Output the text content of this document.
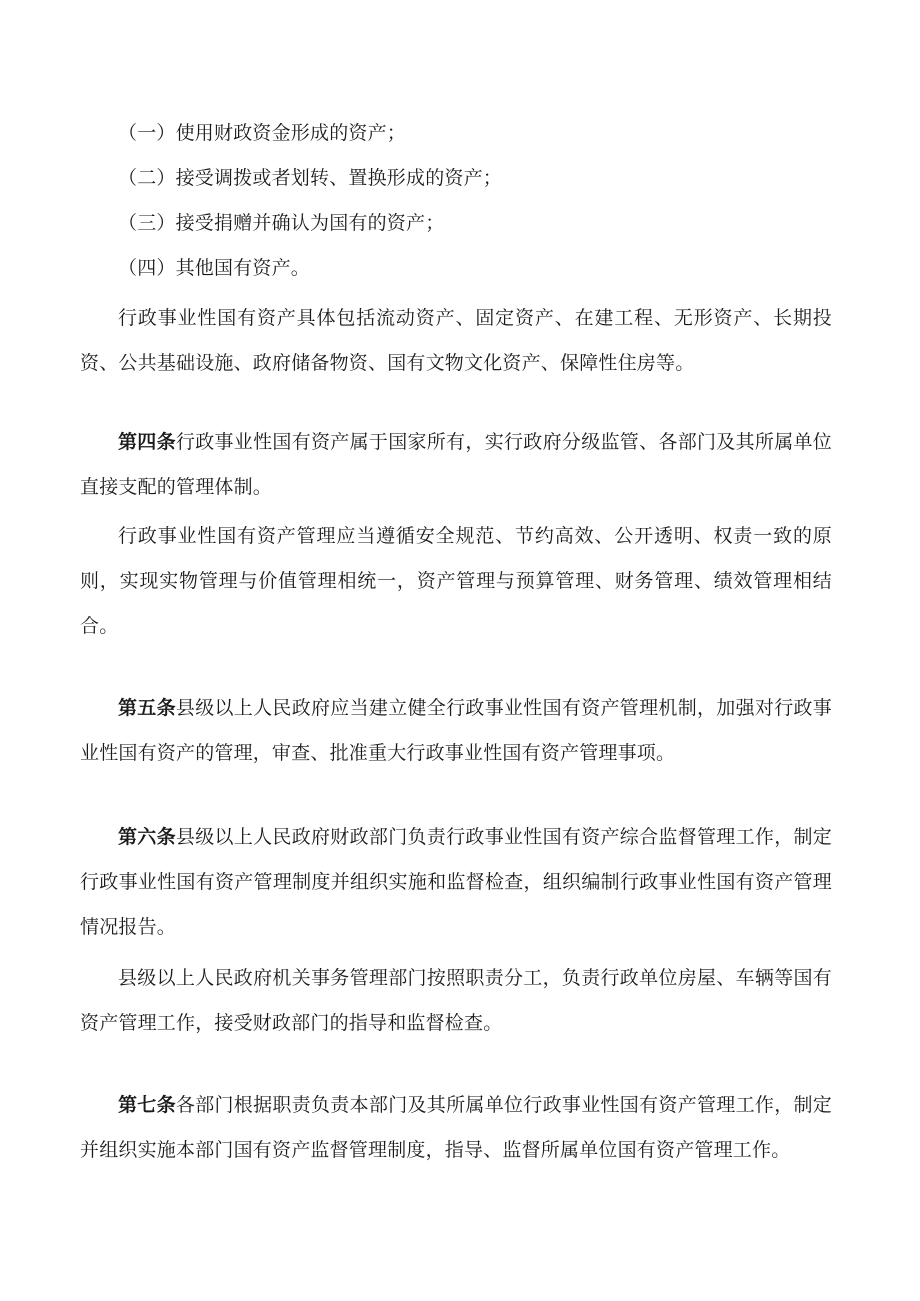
（一）使用财政资金形成的资产；

（二）接受调拨或者划转、置换形成的资产；

（三）接受捐赠并确认为国有的资产；

（四）其他国有资产。

行政事业性国有资产具体包括流动资产、固定资产、在建工程、无形资产、长期投资、公共基础设施、政府储备物资、国有文物文化资产、保障性住房等。

第四条行政事业性国有资产属于国家所有，实行政府分级监管、各部门及其所属单位直接支配的管理体制。

行政事业性国有资产管理应当遵循安全规范、节约高效、公开透明、权责一致的原则，实现实物管理与价值管理相统一，资产管理与预算管理、财务管理、绩效管理相结合。

第五条县级以上人民政府应当建立健全行政事业性国有资产管理机制，加强对行政事业性国有资产的管理，审查、批准重大行政事业性国有资产管理事项。

第六条县级以上人民政府财政部门负责行政事业性国有资产综合监督管理工作，制定行政事业性国有资产管理制度并组织实施和监督检查，组织编制行政事业性国有资产管理情况报告。

县级以上人民政府机关事务管理部门按照职责分工，负责行政单位房屋、车辆等国有资产管理工作，接受财政部门的指导和监督检查。

第七条各部门根据职责负责本部门及其所属单位行政事业性国有资产管理工作，制定并组织实施本部门国有资产监督管理制度，指导、监督所属单位国有资产管理工作。
